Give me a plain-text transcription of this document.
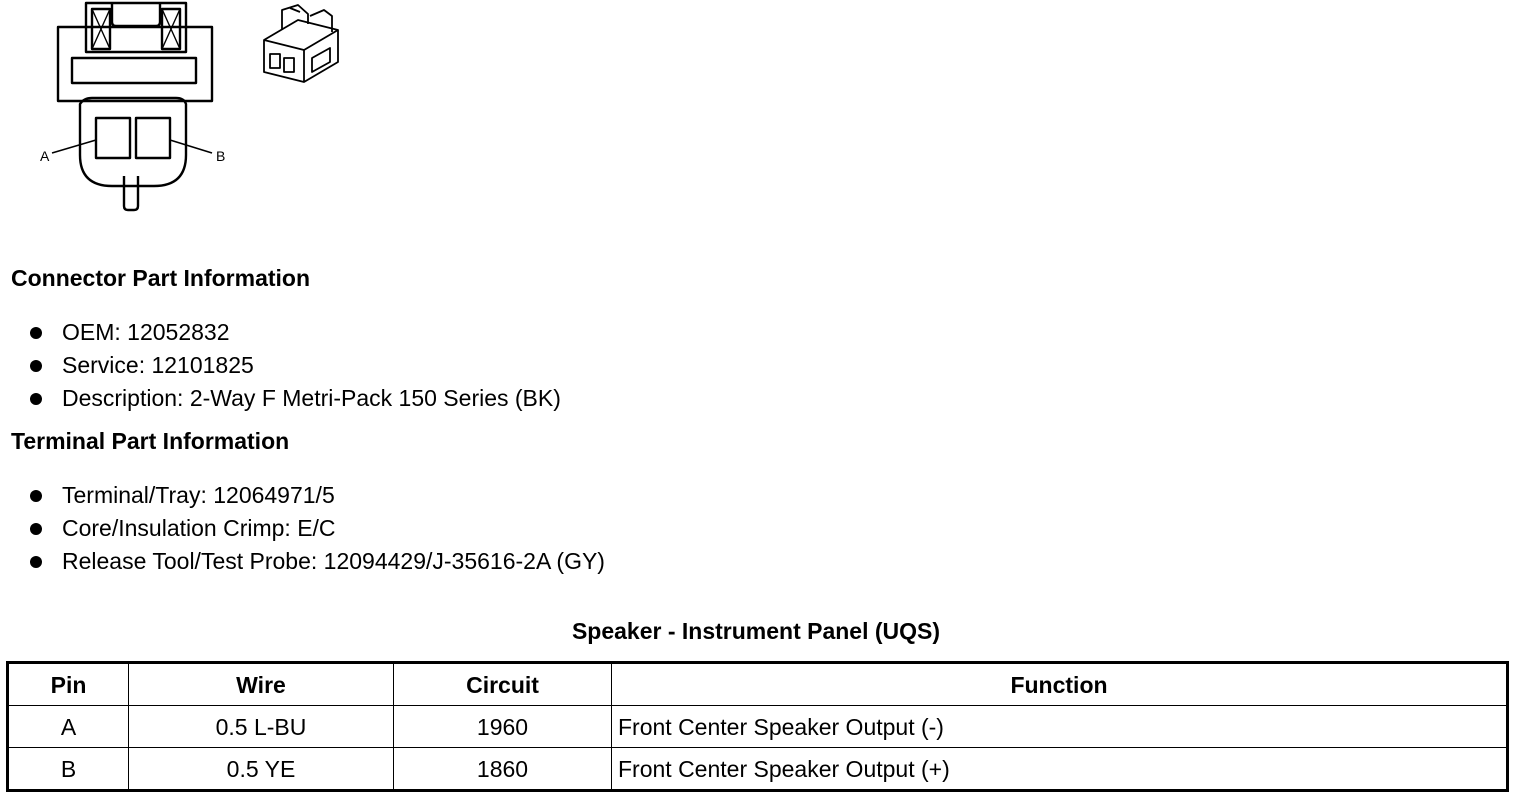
A	B
Connector Part Information
OEM: 12052832
Service: 12101825
Description: 2-Way F Metri-Pack 150 Series (BK)
Terminal Part Information
Terminal/Tray: 12064971/5
Core/Insulation Crimp: E/C
Release Tool/Test Probe: 12094429/J-35616-2A (GY)
Speaker - Instrument Panel (UQS)
Pin	Wire	Circuit	Function
A	0.5 L-BU	1960	Front Center Speaker Output (-)
B	0.5 YE	1860	Front Center Speaker Output (+)
